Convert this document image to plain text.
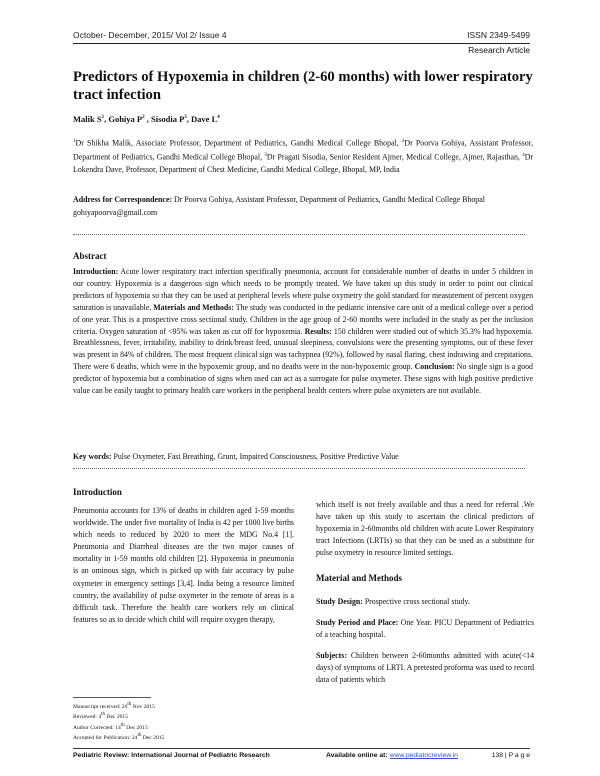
October- December, 2015/ Vol 2/ Issue 4	ISSN 2349-5499
Research Article
Predictors of Hypoxemia in children (2-60 months) with lower respiratory tract infection
Malik $S^1$, Gohiya $P^2$ , Sisodia $P^3$, Dave $L^4$
$^1$Dr Shikha Malik, Associate Professor, Department of Pediatrics, Gandhi Medical College Bhopal, $^2$Dr Poorva Gohiya, Assistant Professor, Department of Pediatrics, Gandhi Medical College Bhopal, $^3$Dr Pragati Sisodia, Senior Resident Ajmer, Medical College, Ajmer, Rajasthan, $^4$Dr Lokendra Dave, Professor, Department of Chest Medicine, Gandhi Medical College, Bhopal, MP, India
Address for Correspondence: Dr Poorva Gohiya, Assistant Professor, Department of Pediatrics, Gandhi Medical College Bhopal gohiyapoorva@gmail.com
Abstract
Introduction: Acute lower respiratory tract infection specifically pneumonia, account for considerable number of deaths in under 5 children in our country. Hypoxemia is a dangerous sign which needs to be promptly treated. We have taken up this study in order to point out clinical predictors of hypoxemia so that they can be used at peripheral levels where pulse oxymetry the gold standard for measurement of percent oxygen saturation is unavailable. Materials and Methods: The study was conducted in the pediatric intensive care unit of a medical college over a period of one year. This is a prospective cross sectional study. Children in the age group of 2-60 months were included in the study as per the inclusion criteria. Oxygen saturation of <95% was taken as cut off for hypoxemia. Results: 150 children were studied out of which 35.3% had hypoxemia. Breathlessness, fever, irritability, inability to drink/breast feed, unusual sleepiness, convulsions were the presenting symptoms, out of these fever was present in 84% of children. The most frequent clinical sign was tachypnea (92%), followed by nasal flaring, chest indrawing and crepitations. There were 6 deaths, which were in the hypoxemic group, and no deaths were in the non-hypoxemic group. Conclusion: No single sign is a good predictor of hypoxemia but a combination of signs when used can act as a surrogate for pulse oxymeter. These signs with high positive predictive value can be easily taught to primary health care workers in the peripheral health centers where pulse oxymeters are not available.
Key words: Pulse Oxymeter, Fast Breathing, Grunt, Impaired Consciousness, Positive Predictive Value
Introduction
Pneumonia accounts for 13% of deaths in children aged 1-59 months worldwide. The under five mortality of India is 42 per 1000 live births which needs to reduced by 2020 to meet the MDG No.4 [1]. Pneumonia and Diarrheal diseases are the two major causes of mortality in 1-59 months old children [2]. Hypoxemia in pneumonia is an ominous sign, which is picked up with fair accuracy by pulse oxymeter in emergency settings [3,4]. India being a resource limited country, the availability of pulse oxymeter in the remote of areas is a difficult task. Therefore the health care workers rely on clinical features so as to decide which child will require oxygen therapy,
which itself is not freely available and thus a need for referral .We have taken up this study to ascertain the clinical predictors of hypoxemia in 2-60months old children with acute Lower Respiratory tract Infections (LRTIs) so that they can be used as a substitute for pulse oxymetry in resource limited settings.
Material and Methods
Study Design: Prospective cross sectional study.
Study Period and Place: One Year. PICU Department of Pediatrics of a teaching hospital.
Subjects: Children between 2-60months admitted with acute(<14 days) of symptoms of LRTI. A pretested proforma was used to record data of patients which
Manuscript received: 26th Nov 2015
Reviewed: 4th Dec 2015
Author Corrected: 14th Dec 2015
Accepted for Publication: 24th Dec 2015
Pediatric Review: International Journal of Pediatric Research	Available online at: www.pediatricreview.in	138 | P a g e
